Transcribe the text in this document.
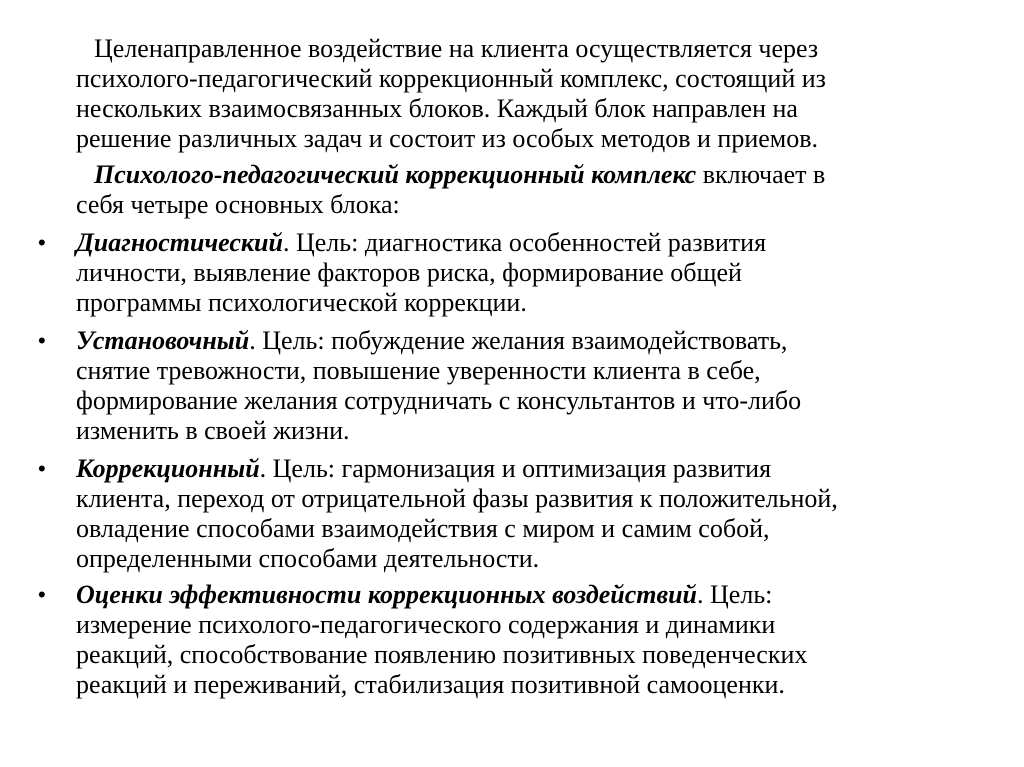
Целенаправленное воздействие на клиента осуществляется через
психолого-педагогический коррекционный комплекс, состоящий из
нескольких взаимосвязанных блоков. Каждый блок направлен на
решение различных задач и состоит из особых методов и приемов.
Психолого-педагогический коррекционный комплекс включает в
себя четыре основных блока:
•	Диагностический. Цель: диагностика особенностей развития
личности, выявление факторов риска, формирование общей
программы психологической коррекции.
•	Установочный. Цель: побуждение желания взаимодействовать,
снятие тревожности, повышение уверенности клиента в себе,
формирование желания сотрудничать с консультантов и что-либо
изменить в своей жизни.
•	Коррекционный. Цель: гармонизация и оптимизация развития
клиента, переход от отрицательной фазы развития к положительной,
овладение способами взаимодействия с миром и самим собой,
определенными способами деятельности.
•	Оценки эффективности коррекционных воздействий. Цель:
измерение психолого-педагогического содержания и динамики
реакций, способствование появлению позитивных поведенческих
реакций и переживаний, стабилизация позитивной самооценки.
